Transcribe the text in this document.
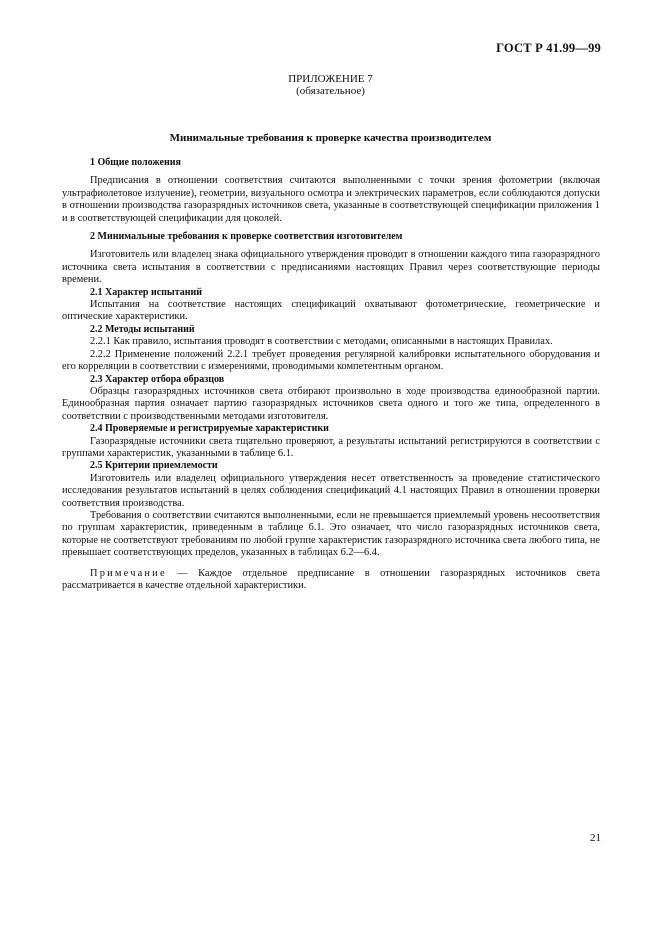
ГОСТ Р 41.99—99
ПРИЛОЖЕНИЕ 7
(обязательное)
Минимальные требования к проверке качества производителем
1 Общие положения

Предписания в отношении соответствия считаются выполненными с точки зрения фотометрии (включая ультрафиолетовое излучение), геометрии, визуального осмотра и электрических параметров, если соблюдаются допуски в отношении производства газоразрядных источников света, указанные в соответствующей спецификации приложения 1 и в соответствующей спецификации для цоколей.

2 Минимальные требования к проверке соответствия изготовителем

Изготовитель или владелец знака официального утверждения проводит в отношении каждого типа газоразрядного источника света испытания в соответствии с предписаниями настоящих Правил через соответствующие периоды времени.

2.1 Характер испытаний

Испытания на соответствие настоящих спецификаций охватывают фотометрические, геометрические и оптические характеристики.

2.2 Методы испытаний

2.2.1 Как правило, испытания проводят в соответствии с методами, описанными в настоящих Правилах.

2.2.2 Применение положений 2.2.1 требует проведения регулярной калибровки испытательного оборудования и его корреляции в соответствии с измерениями, проводимыми компетентным органом.

2.3 Характер отбора образцов

Образцы газоразрядных источников света отбирают произвольно в ходе производства единообразной партии. Единообразная партия означает партию газоразрядных источников света одного и того же типа, определенного в соответствии с производственными методами изготовителя.

2.4 Проверяемые и регистрируемые характеристики

Газоразрядные источники света тщательно проверяют, а результаты испытаний регистрируются в соответствии с группами характеристик, указанными в таблице 6.1.

2.5 Критерии приемлемости

Изготовитель или владелец официального утверждения несет ответственность за проведение статистического исследования результатов испытаний в целях соблюдения спецификаций 4.1 настоящих Правил в отношении проверки соответствия производства.

Требования о соответствии считаются выполненными, если не превышается приемлемый уровень несоответствия по группам характеристик, приведенным в таблице 6.1. Это означает, что число газоразрядных источников света, которые не соответствуют требованиям по любой группе характеристик газоразрядного источника света любого типа, не превышает соответствующих пределов, указанных в таблицах 6.2—6.4.

Примечание — Каждое отдельное предписание в отношении газоразрядных источников света рассматривается в качестве отдельной характеристики.

21
